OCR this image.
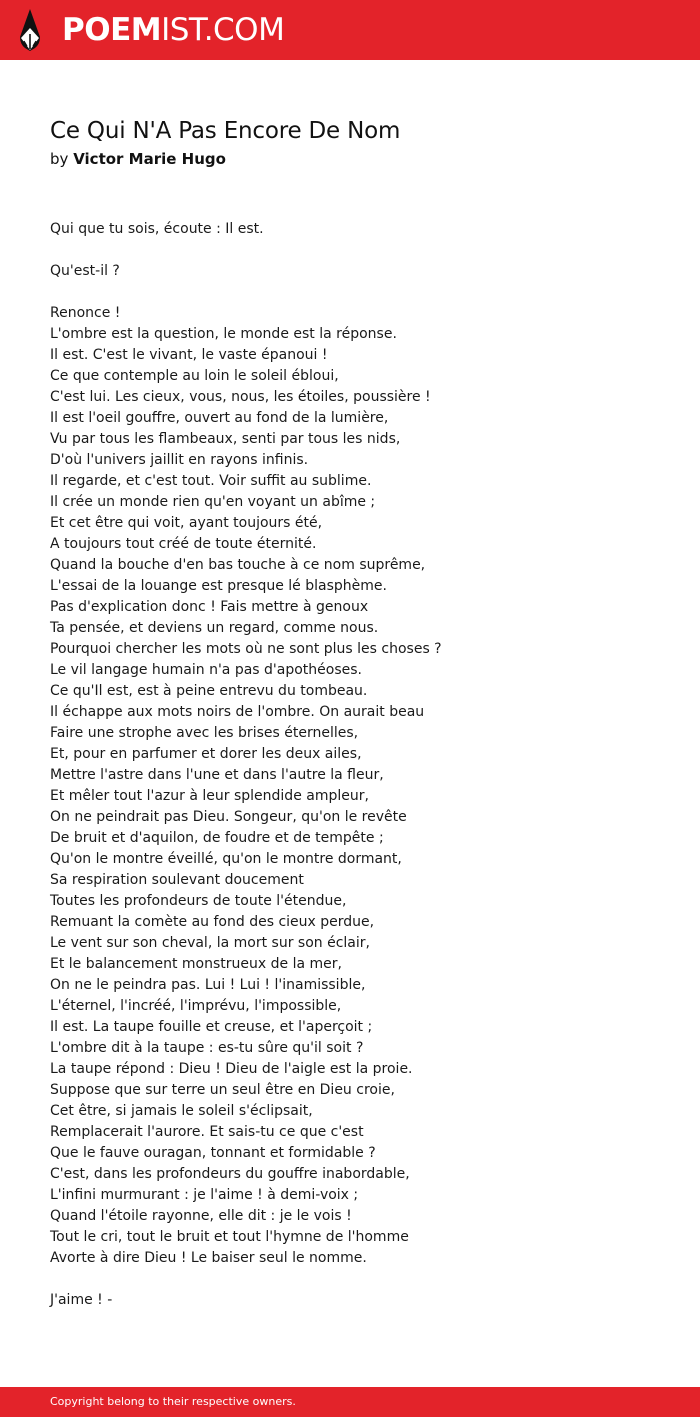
POEMIST.COM
Ce Qui N'A Pas Encore De Nom
by Victor Marie Hugo
Qui que tu sois, écoute : Il est.
Qu'est-il ?
Renonce !
L'ombre est la question, le monde est la réponse.
Il est. C'est le vivant, le vaste épanoui !
Ce que contemple au loin le soleil ébloui,
C'est lui. Les cieux, vous, nous, les étoiles, poussière !
Il est l'oeil gouffre, ouvert au fond de la lumière,
Vu par tous les flambeaux, senti par tous les nids,
D'où l'univers jaillit en rayons infinis.
Il regarde, et c'est tout. Voir suffit au sublime.
Il crée un monde rien qu'en voyant un abîme ;
Et cet être qui voit, ayant toujours été,
A toujours tout créé de toute éternité.
Quand la bouche d'en bas touche à ce nom suprême,
L'essai de la louange est presque lé blasphème.
Pas d'explication donc ! Fais mettre à genoux
Ta pensée, et deviens un regard, comme nous.
Pourquoi chercher les mots où ne sont plus les choses ?
Le vil langage humain n'a pas d'apothéoses.
Ce qu'Il est, est à peine entrevu du tombeau.
Il échappe aux mots noirs de l'ombre. On aurait beau
Faire une strophe avec les brises éternelles,
Et, pour en parfumer et dorer les deux ailes,
Mettre l'astre dans l'une et dans l'autre la fleur,
Et mêler tout l'azur à leur splendide ampleur,
On ne peindrait pas Dieu. Songeur, qu'on le revête
De bruit et d'aquilon, de foudre et de tempête ;
Qu'on le montre éveillé, qu'on le montre dormant,
Sa respiration soulevant doucement
Toutes les profondeurs de toute l'étendue,
Remuant la comète au fond des cieux perdue,
Le vent sur son cheval, la mort sur son éclair,
Et le balancement monstrueux de la mer,
On ne le peindra pas. Lui ! Lui ! l'inamissible,
L'éternel, l'incréé, l'imprévu, l'impossible,
Il est. La taupe fouille et creuse, et l'aperçoit ;
L'ombre dit à la taupe : es-tu sûre qu'il soit ?
La taupe répond : Dieu ! Dieu de l'aigle est la proie.
Suppose que sur terre un seul être en Dieu croie,
Cet être, si jamais le soleil s'éclipsait,
Remplacerait l'aurore. Et sais-tu ce que c'est
Que le fauve ouragan, tonnant et formidable ?
C'est, dans les profondeurs du gouffre inabordable,
L'infini murmurant : je l'aime ! à demi-voix ;
Quand l'étoile rayonne, elle dit : je le vois !
Tout le cri, tout le bruit et tout l'hymne de l'homme
Avorte à dire Dieu ! Le baiser seul le nomme.
J'aime ! -
Copyright belong to their respective owners.
